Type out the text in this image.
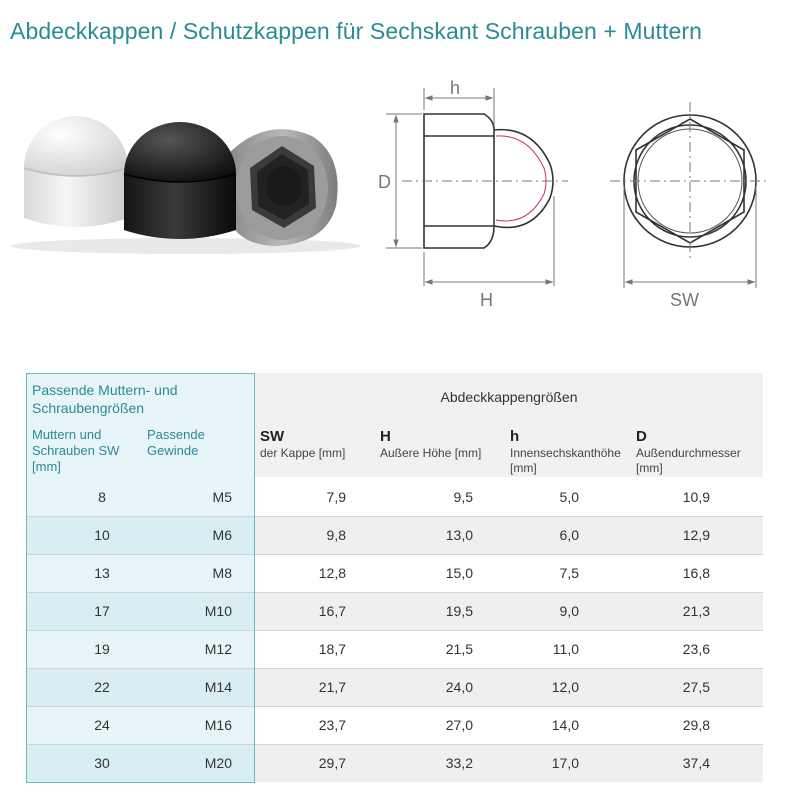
Abdeckkappen / Schutzkappen für Sechskant Schrauben + Muttern
h
D
H	SW
Passende Muttern- und Schraubengrößen
Muttern und Schrauben SW [mm]
Passende Gewinde
Abdeckkappengrößen
SW
der Kappe [mm]
H
Außere Höhe [mm]
h
Innensechskanthöhe [mm]
D
Außendurchmesser [mm]
8	M5	7,9	9,5	5,0	10,9
10	M6	9,8	13,0	6,0	12,9
13	M8	12,8	15,0	7,5	16,8
17	M10	16,7	19,5	9,0	21,3
19	M12	18,7	21,5	11,0	23,6
22	M14	21,7	24,0	12,0	27,5
24	M16	23,7	27,0	14,0	29,8
30	M20	29,7	33,2	17,0	37,4
